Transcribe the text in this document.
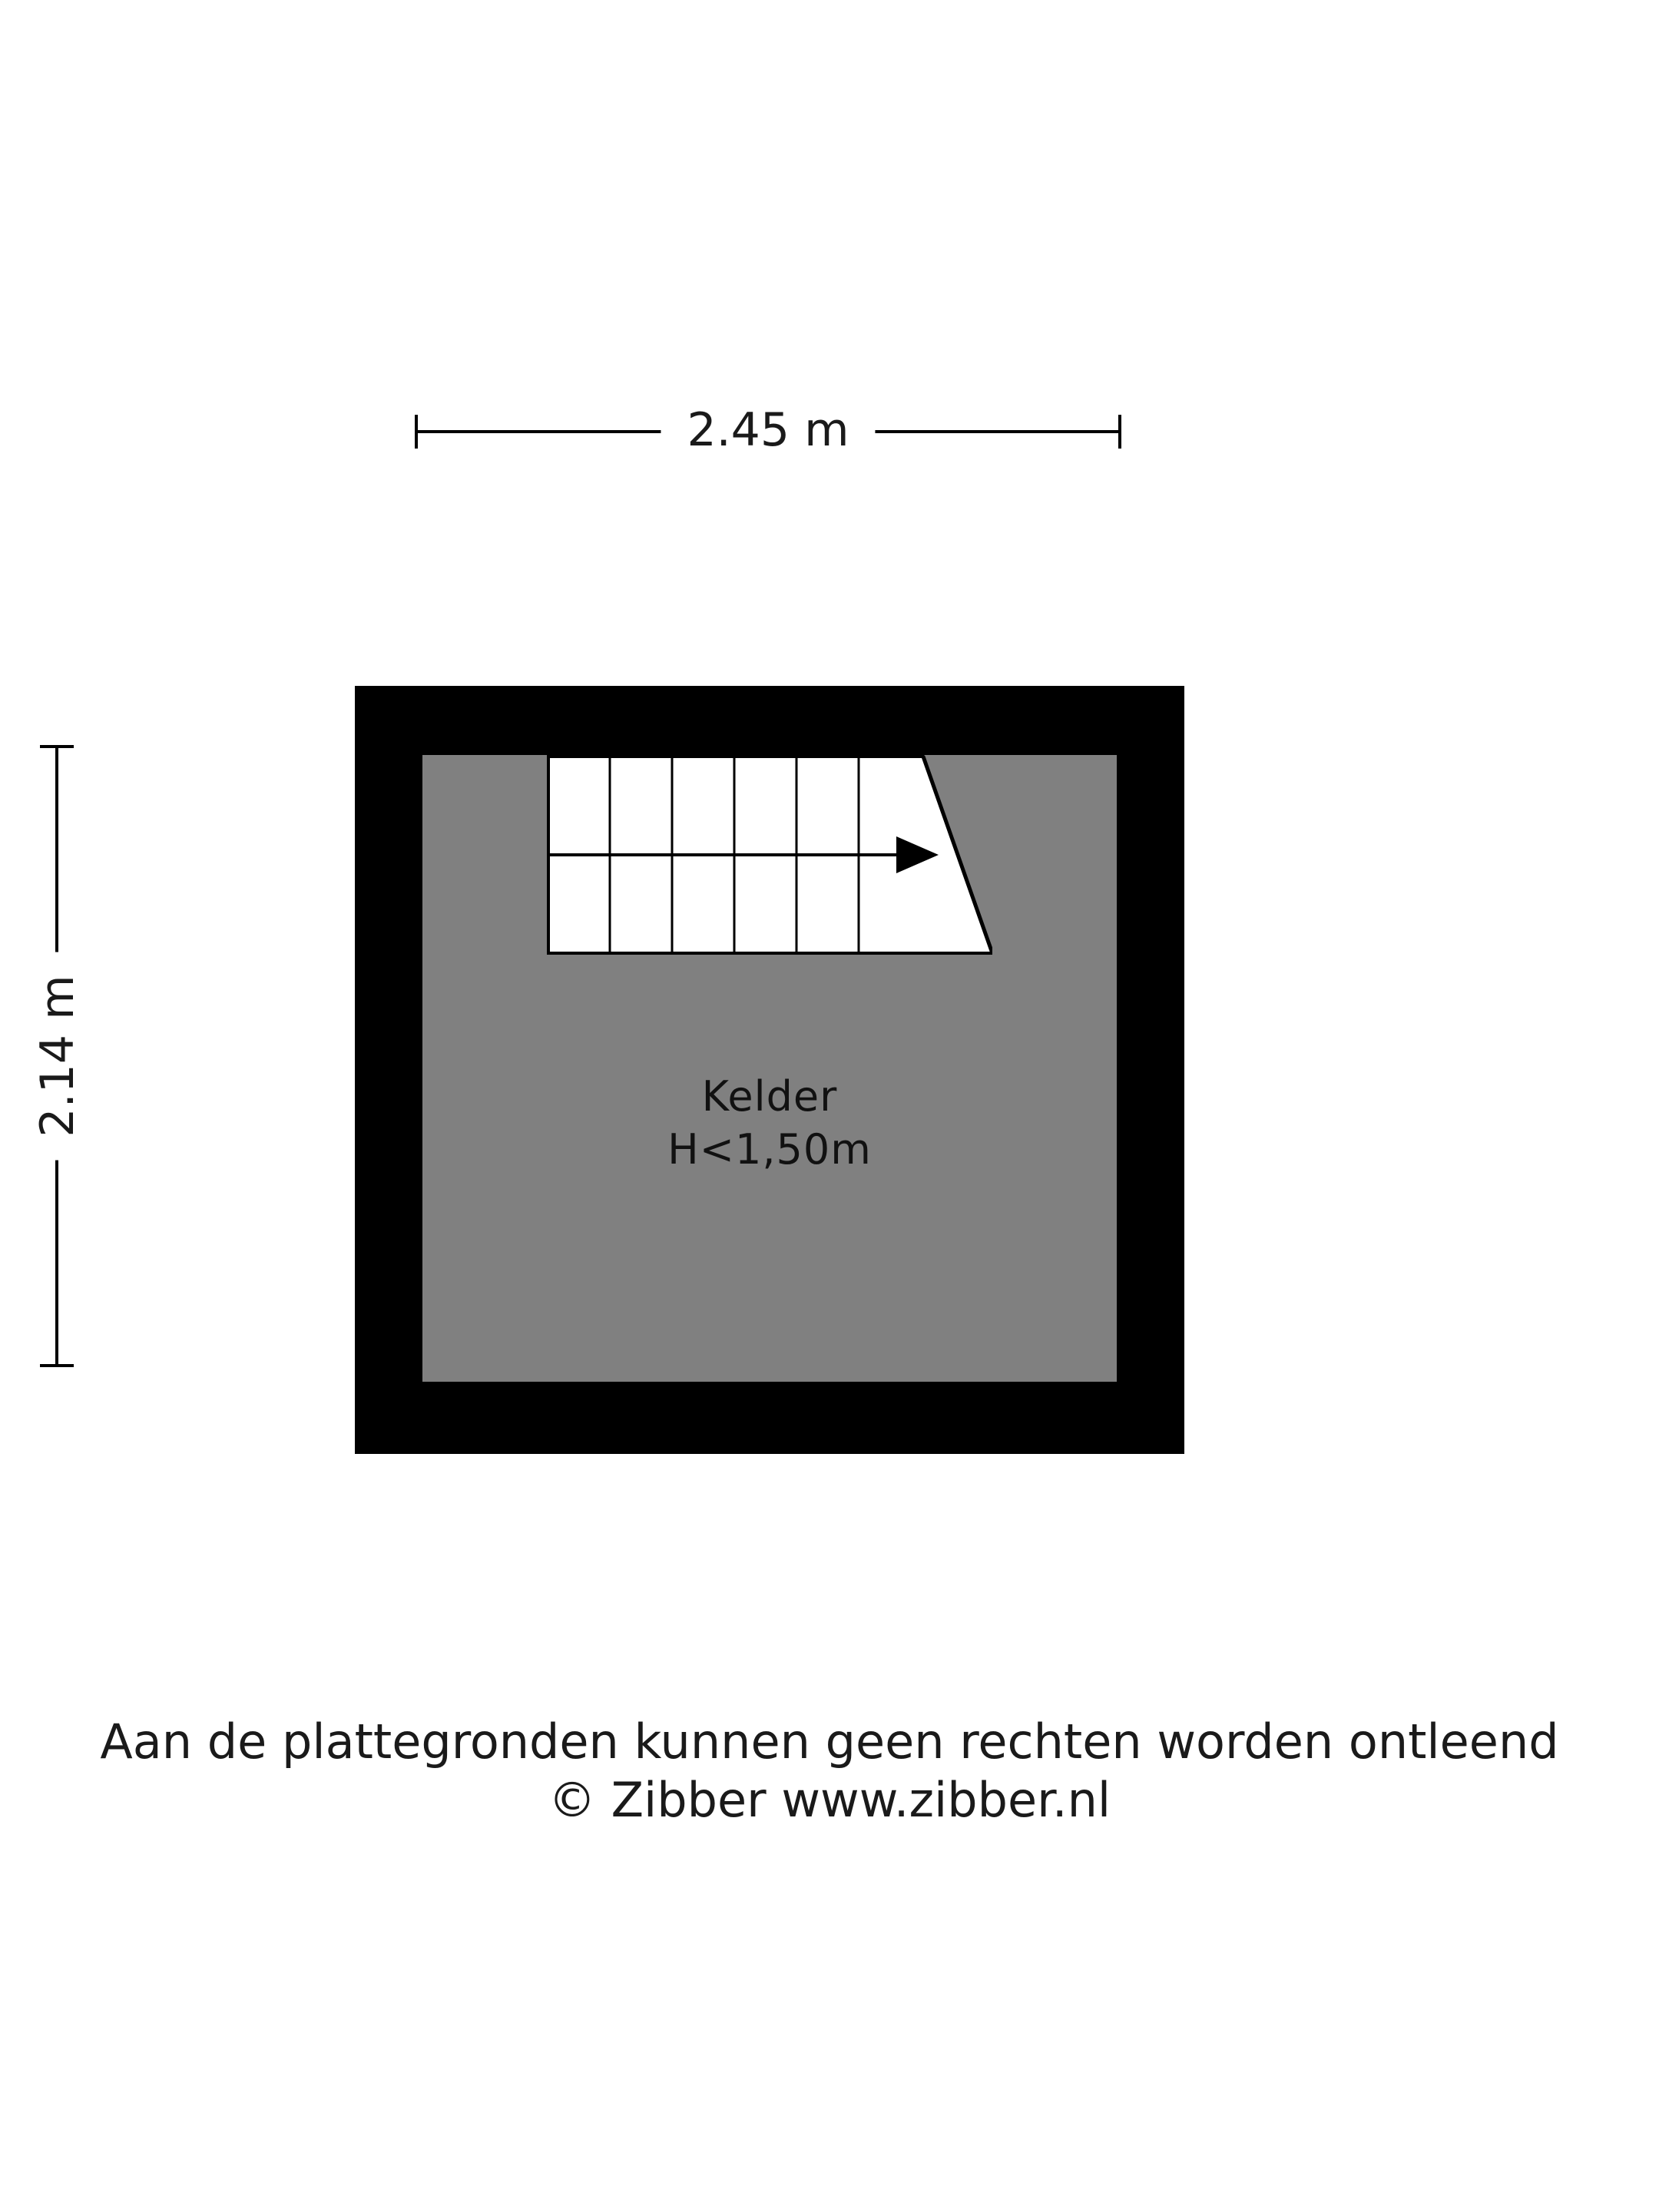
2.45 m
2.14 m	Kelder
H<1,50m
Aan de plattegronden kunnen geen rechten worden ontleend
© Zibber www.zibber.nl
